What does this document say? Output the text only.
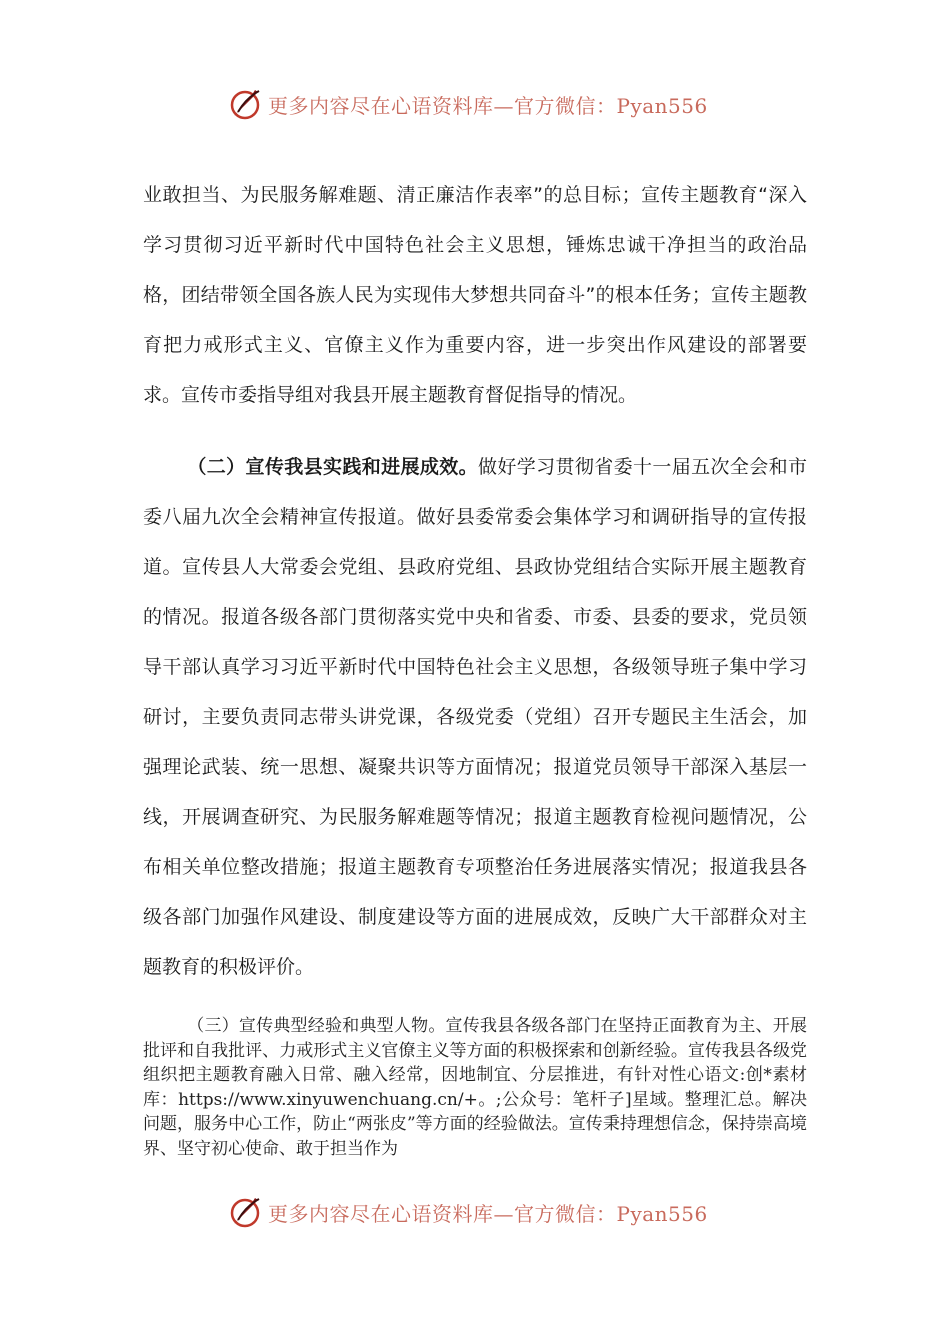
更多内容尽在心语资料库—官方微信：Pyan556

业敢担当、为民服务解难题、清正廉洁作表率”的总目标；宣传主题教育“深入学习贯彻习近平新时代中国特色社会主义思想，锤炼忠诚干净担当的政治品格，团结带领全国各族人民为实现伟大梦想共同奋斗”的根本任务；宣传主题教育把力戒形式主义、官僚主义作为重要内容，进一步突出作风建设的部署要求。宣传市委指导组对我县开展主题教育督促指导的情况。

（二）宣传我县实践和进展成效。做好学习贯彻省委十一届五次全会和市委八届九次全会精神宣传报道。做好县委常委会集体学习和调研指导的宣传报道。宣传县人大常委会党组、县政府党组、县政协党组结合实际开展主题教育的情况。报道各级各部门贯彻落实党中央和省委、市委、县委的要求，党员领导干部认真学习习近平新时代中国特色社会主义思想，各级领导班子集中学习研讨，主要负责同志带头讲党课，各级党委（党组）召开专题民主生活会，加强理论武装、统一思想、凝聚共识等方面情况；报道党员领导干部深入基层一线，开展调查研究、为民服务解难题等情况；报道主题教育检视问题情况，公布相关单位整改措施；报道主题教育专项整治任务进展落实情况；报道我县各级各部门加强作风建设、制度建设等方面的进展成效，反映广大干部群众对主题教育的积极评价。

（三）宣传典型经验和典型人物。宣传我县各级各部门在坚持正面教育为主、开展批评和自我批评、力戒形式主义官僚主义等方面的积极探索和创新经验。宣传我县各级党组织把主题教育融入日常、融入经常，因地制宜、分层推进，有针对性心语文:创*素材库：https://www.xinyuwenchuang.cn/+。;公众号：笔杆子]星域。整理汇总。解决问题，服务中心工作，防止“两张皮”等方面的经验做法。宣传秉持理想信念，保持崇高境界、坚守初心使命、敢于担当作为

更多内容尽在心语资料库—官方微信：Pyan556
